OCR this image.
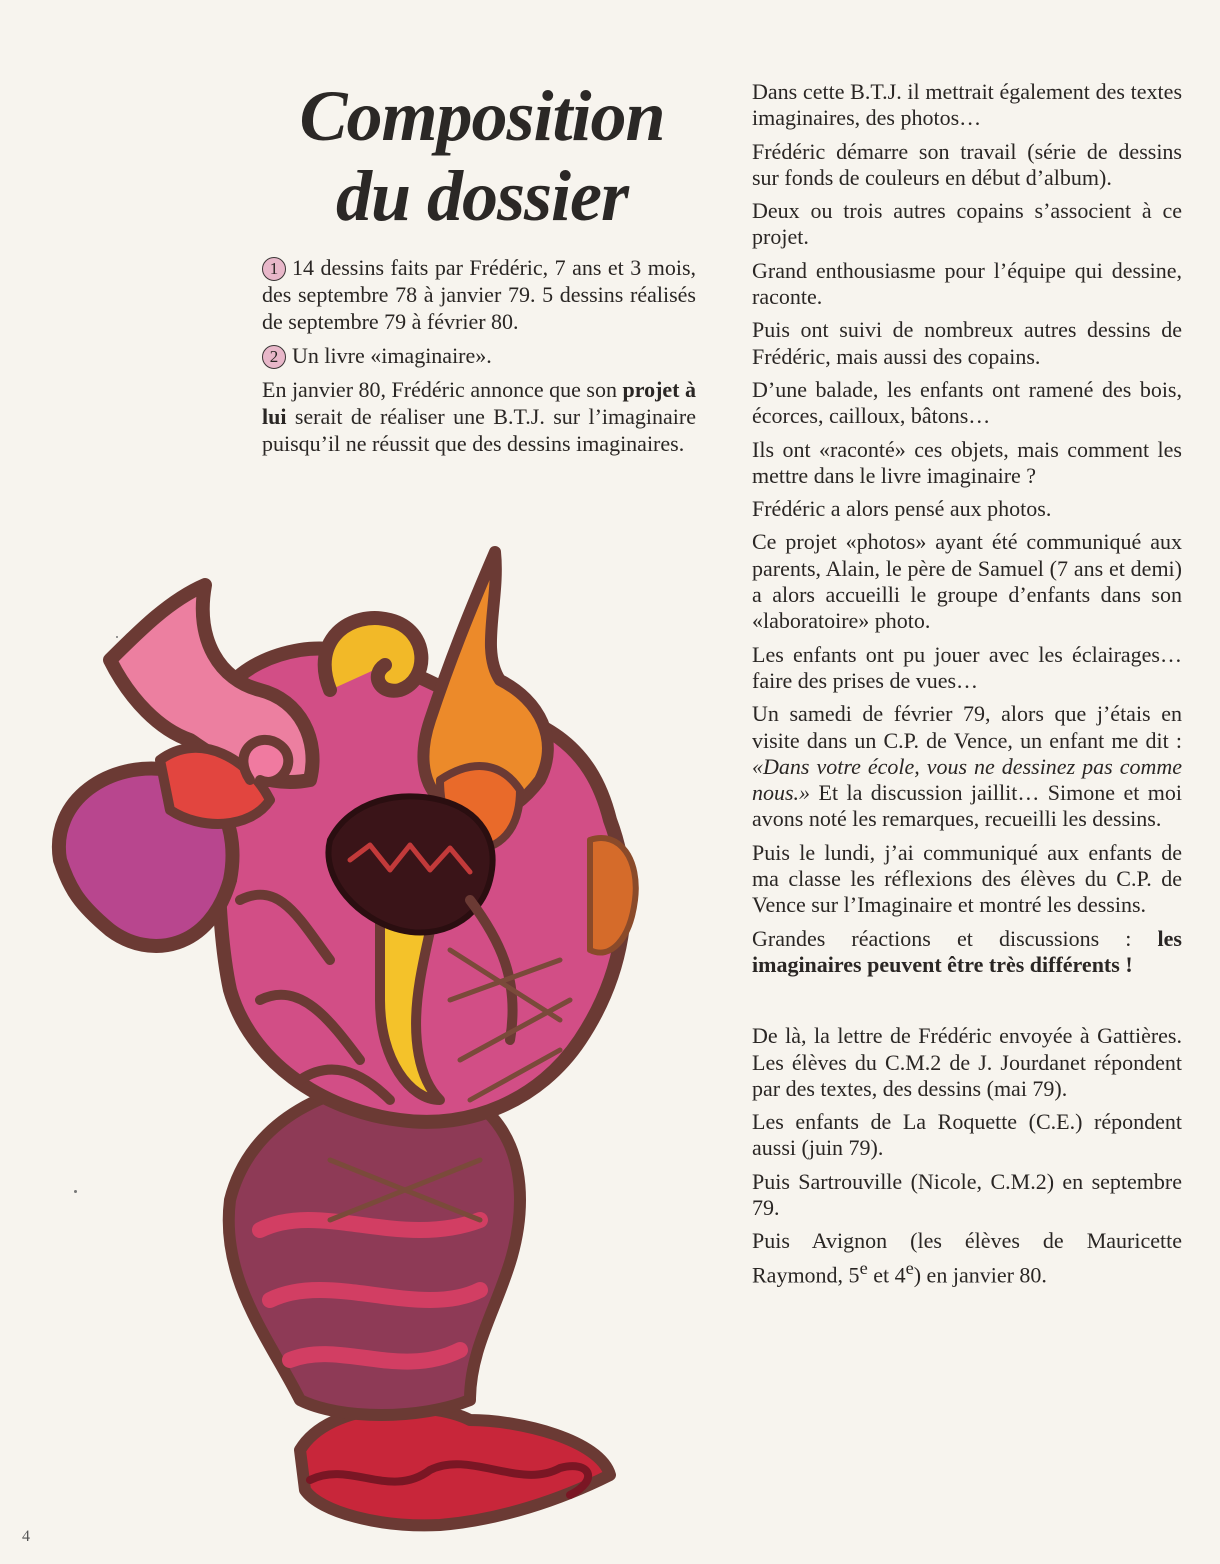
Composition
du dossier

1 14 dessins faits par Frédéric, 7 ans et 3 mois, des septembre 78 à janvier 79. 5 dessins réalisés de septembre 79 à février 80.

2 Un livre «imaginaire».

En janvier 80, Frédéric annonce que son projet à lui serait de réaliser une B.T.J. sur l’imaginaire puisqu’il ne réussit que des dessins imaginaires.

Dans cette B.T.J. il mettrait également des textes imaginaires, des photos…

Frédéric démarre son travail (série de dessins sur fonds de couleurs en début d’album).

Deux ou trois autres copains s’associent à ce projet.

Grand enthousiasme pour l’équipe qui dessine, raconte.

Puis ont suivi de nombreux autres dessins de Frédéric, mais aussi des copains.

D’une balade, les enfants ont ramené des bois, écorces, cailloux, bâtons…

Ils ont «raconté» ces objets, mais comment les mettre dans le livre imaginaire ?

Frédéric a alors pensé aux photos.

Ce projet «photos» ayant été communiqué aux parents, Alain, le père de Samuel (7 ans et demi) a alors accueilli le groupe d’enfants dans son «laboratoire» photo.

Les enfants ont pu jouer avec les éclairages… faire des prises de vues…

Un samedi de février 79, alors que j’étais en visite dans un C.P. de Vence, un enfant me dit : «Dans votre école, vous ne dessinez pas comme nous.» Et la discussion jaillit… Simone et moi avons noté les remarques, recueilli les dessins.

Puis le lundi, j’ai communiqué aux enfants de ma classe les réflexions des élèves du C.P. de Vence sur l’Imaginaire et montré les dessins.

Grandes réactions et discussions : les imaginaires peuvent être très différents !

De là, la lettre de Frédéric envoyée à Gattières. Les élèves du C.M.2 de J. Jourdanet répondent par des textes, des dessins (mai 79).

Les enfants de La Roquette (C.E.) répondent aussi (juin 79).

Puis Sartrouville (Nicole, C.M.2) en septembre 79.

Puis Avignon (les élèves de Mauricette Raymond, 5e et 4e) en janvier 80.

4
